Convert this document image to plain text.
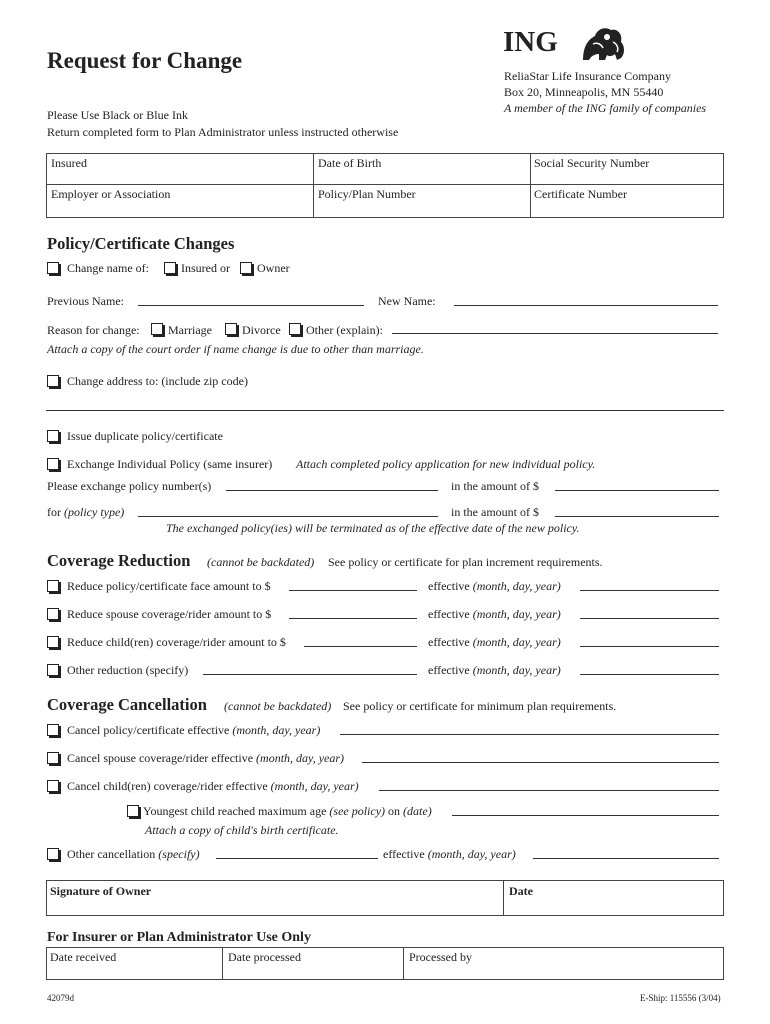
Request for Change
Please Use Black or Blue Ink
Return completed form to Plan Administrator unless instructed otherwise
ING
ReliaStar Life Insurance Company
Box 20, Minneapolis, MN 55440
A member of the ING family of companies
Insured	Date of Birth	Social Security Number
Employer or Association	Policy/Plan Number	Certificate Number
Policy/Certificate Changes
Change name of:	Insured or Owner
Previous Name:	New Name:
Reason for change: Marriage	Divorce Other (explain):
Attach a copy of the court order if name change is due to other than marriage.
Change address to: (include zip code)
Issue duplicate policy/certificate
Exchange Individual Policy (same insurer) Attach completed policy application for new individual policy.
Please exchange policy number(s)	in the amount of $
for (policy type)	in the amount of $
The exchanged policy(ies) will be terminated as of the effective date of the new policy.
Coverage Reduction (cannot be backdated) See policy or certificate for plan increment requirements.
Reduce policy/certificate face amount to $	effective (month, day, year)
Reduce spouse coverage/rider amount to $	effective (month, day, year)
Reduce child(ren) coverage/rider amount to $	effective (month, day, year)
Other reduction (specify)	effective (month, day, year)
Coverage Cancellation (cannot be backdated) See policy or certificate for minimum plan requirements.
Cancel policy/certificate effective (month, day, year)
Cancel spouse coverage/rider effective (month, day, year)
Cancel child(ren) coverage/rider effective (month, day, year)
Youngest child reached maximum age (see policy) on (date)
Attach a copy of child's birth certificate.
Other cancellation (specify)	effective (month, day, year)
Signature of Owner	Date
For Insurer or Plan Administrator Use Only
Date received	Date processed	Processed by
42079d	E-Ship: 115556 (3/04)
